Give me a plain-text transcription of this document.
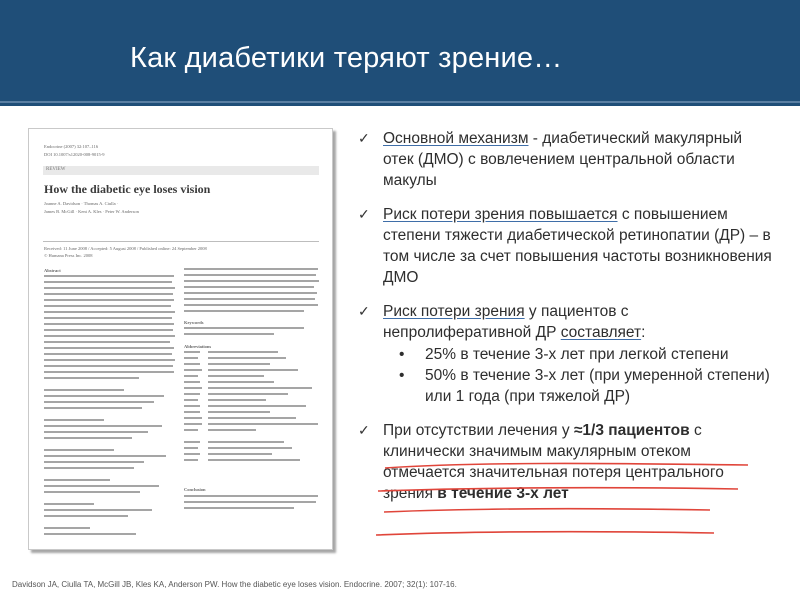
Как диабетики теряют зрение…
Endocrine (2007) 32:107–116
DOI 10.1007/s12020-008-9015-9
REVIEW
How the diabetic eye loses vision
Joanne A. Davidson · Thomas A. Ciulla ·
James B. McGill · Kent A. Kles · Peter W. Anderson
Received: 11 June 2008 / Accepted: 5 August 2008 / Published online: 24 September 2008
© Humana Press Inc. 2008
Abstract
Keywords
Abbreviations
Conclusion
✓ Основной механизм - диабетический макулярный отек (ДМО) с вовлечением центральной области макулы
✓ Риск потери зрения повышается с повышением степени тяжести диабетической ретинопатии (ДР) – в том числе за счет повышения частоты возникновения ДМО
✓ Риск потери зрения у пациентов с непролиферативной ДР составляет:
• 25% в течение 3-х лет при легкой степени
• 50% в течение 3-х лет (при умеренной степени) или 1 года (при тяжелой ДР)
✓ При отсутствии лечения у ≈1/3 пациентов с клинически значимым макулярным отеком отмечается значительная потеря центрального зрения в течение 3-х лет
Davidson JA, Ciulla TA, McGill JB, Kles KA, Anderson PW. How the diabetic eye loses vision. Endocrine. 2007; 32(1): 107-16.
